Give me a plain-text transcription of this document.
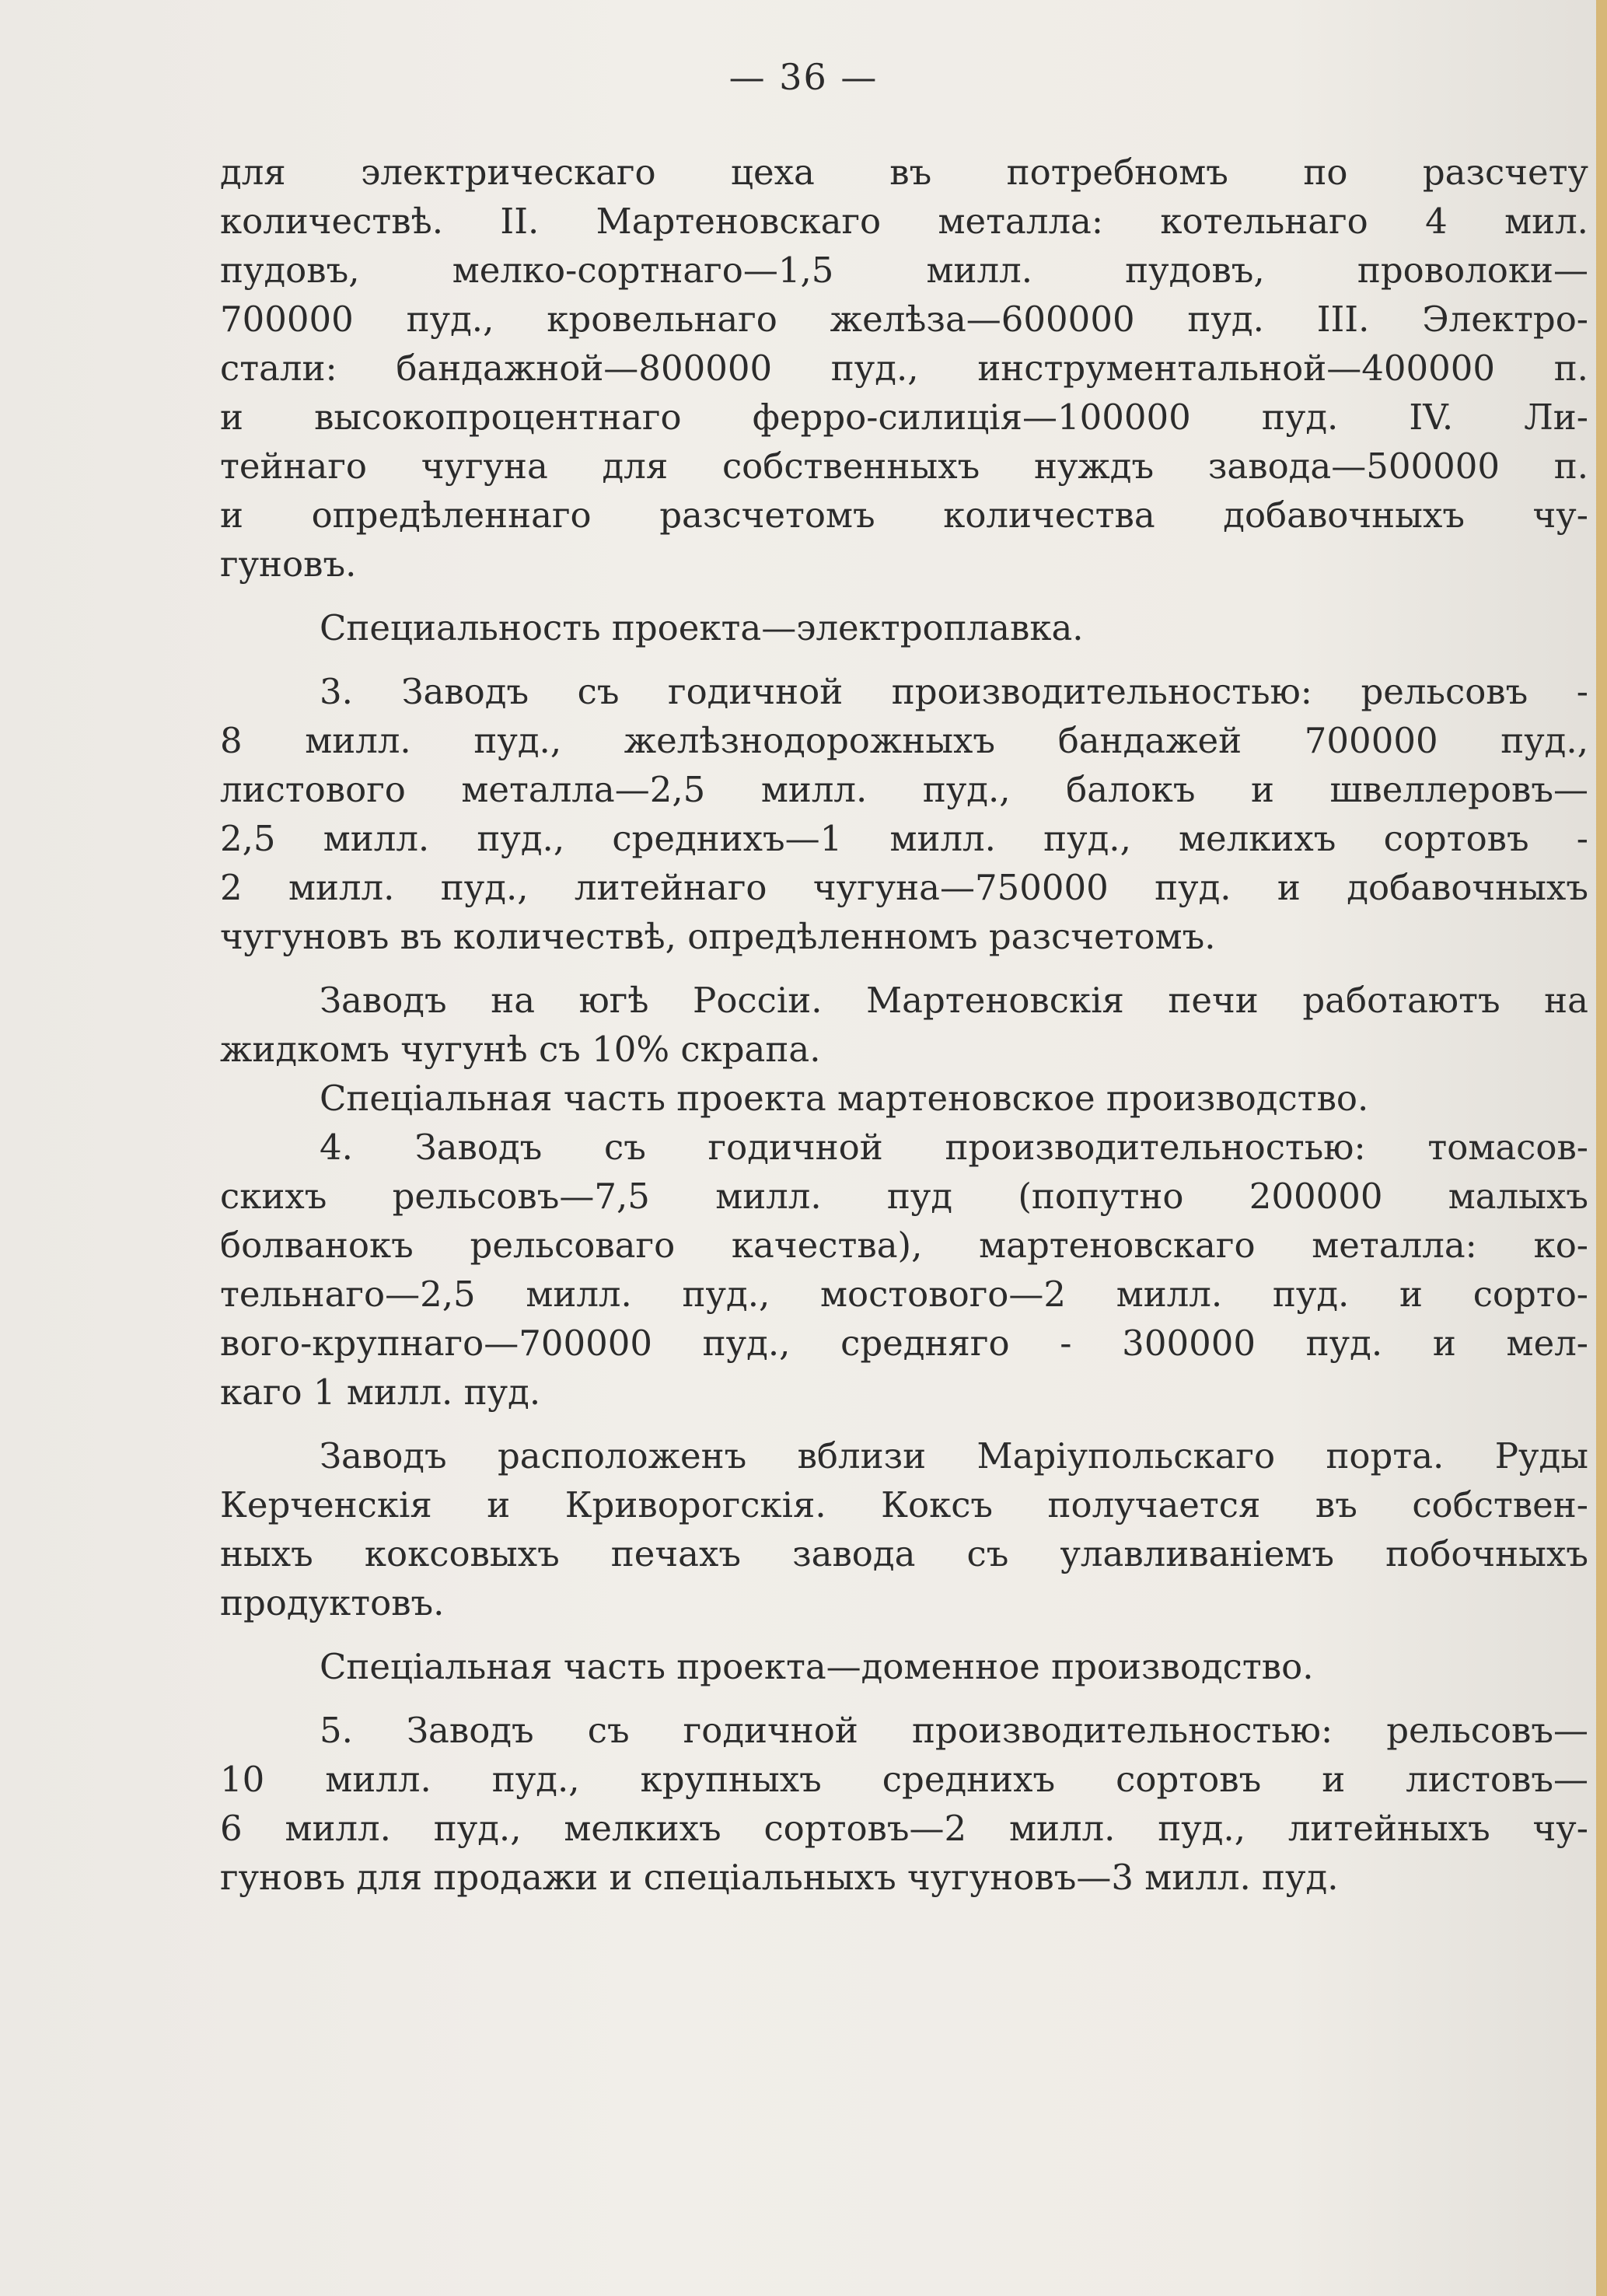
— 36 —
для электрическаго цеха въ потребномъ по разсчету
количествѣ. II. Мартеновскаго металла: котельнаго 4 мил.
пудовъ, мелко-сортнаго—1,5 милл. пудовъ, проволоки—
700000 пуд., кровельнаго желѣза—600000 пуд. III. Электро-
стали: бандажной—800000 пуд., инструментальной—400000 п.
и высокопроцентнаго ферро-силиція—100000 пуд. IV. Ли-
тейнаго чугуна для собственныхъ нуждъ завода—500000 п.
и опредѣленнаго разсчетомъ количества добавочныхъ чу-
гуновъ.
Специальность проекта—электроплавка.
3. Заводъ съ годичной производительностью: рельсовъ -
8 милл. пуд., желѣзнодорожныхъ бандажей 700000 пуд.,
листового металла—2,5 милл. пуд., балокъ и швеллеровъ—
2,5 милл. пуд., среднихъ—1 милл. пуд., мелкихъ сортовъ -
2 милл. пуд., литейнаго чугуна—750000 пуд. и добавочныхъ
чугуновъ въ количествѣ, опредѣленномъ разсчетомъ.
Заводъ на югѣ Россіи. Мартеновскія печи работаютъ на
жидкомъ чугунѣ съ 10% скрапа.
Спеціальная часть проекта мартеновское производство.
4. Заводъ съ годичной производительностью: томасов-
скихъ рельсовъ—7,5 милл. пуд (попутно 200000 малыхъ
болванокъ рельсоваго качества), мартеновскаго металла: ко-
тельнаго—2,5 милл. пуд., мостового—2 милл. пуд. и сорто-
вого-крупнаго—700000 пуд., средняго - 300000 пуд. и мел-
каго 1 милл. пуд.
Заводъ расположенъ вблизи Маріупольскаго порта. Руды
Керченскія и Криворогскія. Коксъ получается въ собствен-
ныхъ коксовыхъ печахъ завода съ улавливаніемъ побочныхъ
продуктовъ.
Спеціальная часть проекта—доменное производство.
5. Заводъ съ годичной производительностью: рельсовъ—
10 милл. пуд., крупныхъ среднихъ сортовъ и листовъ—
6 милл. пуд., мелкихъ сортовъ—2 милл. пуд., литейныхъ чу-
гуновъ для продажи и спеціальныхъ чугуновъ—3 милл. пуд.
